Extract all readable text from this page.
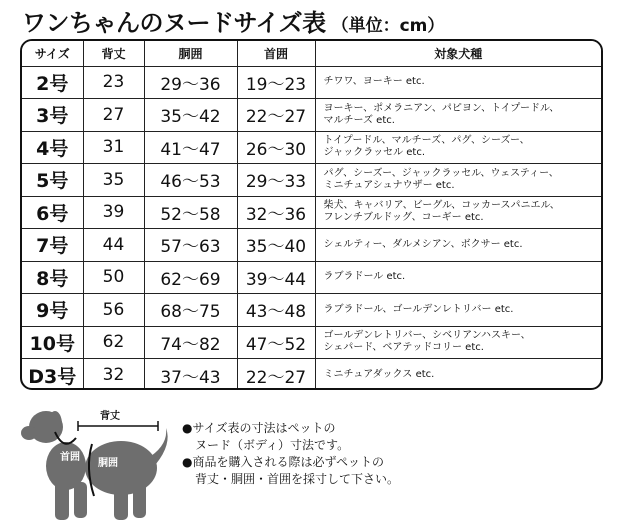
ワンちゃんのヌードサイズ表 （単位：cm）
サイズ	背丈	胴囲	首囲	対象犬種
2号	23	29〜36	19〜23	チワワ、ヨーキー etc.

3号	27	35〜42	22〜27	ヨーキー、ポメラニアン、パピヨン、トイプードル、
マルチーズ etc.

4号	31	41〜47	26〜30	トイプードル、マルチーズ、パグ、シーズー、
ジャックラッセル etc.

5号	35	46〜53	29〜33	パグ、シーズー、ジャックラッセル、ウェスティー、
ミニチュアシュナウザー etc.

6号	39	52〜58	32〜36	柴犬、キャバリア、ビーグル、コッカースパニエル、
フレンチブルドッグ、コーギー etc.

7号	44	57〜63	35〜40	シェルティー、ダルメシアン、ボクサー etc.

8号	50	62〜69	39〜44	ラブラドール etc.

9号	56	68〜75	43〜48	ラブラドール、ゴールデンレトリバー etc.

10号	62	74〜82	47〜52	ゴールデンレトリバー、シベリアンハスキー、
シェパード、ベアテッドコリー etc.

D3号	32	37〜43	22〜27	ミニチュアダックス etc.
背丈
首囲
胴囲
●サイズ表の寸法はペットの
ヌード（ボディ）寸法です。
●商品を購入される際は必ずペットの
背丈・胴囲・首囲を採寸して下さい。
